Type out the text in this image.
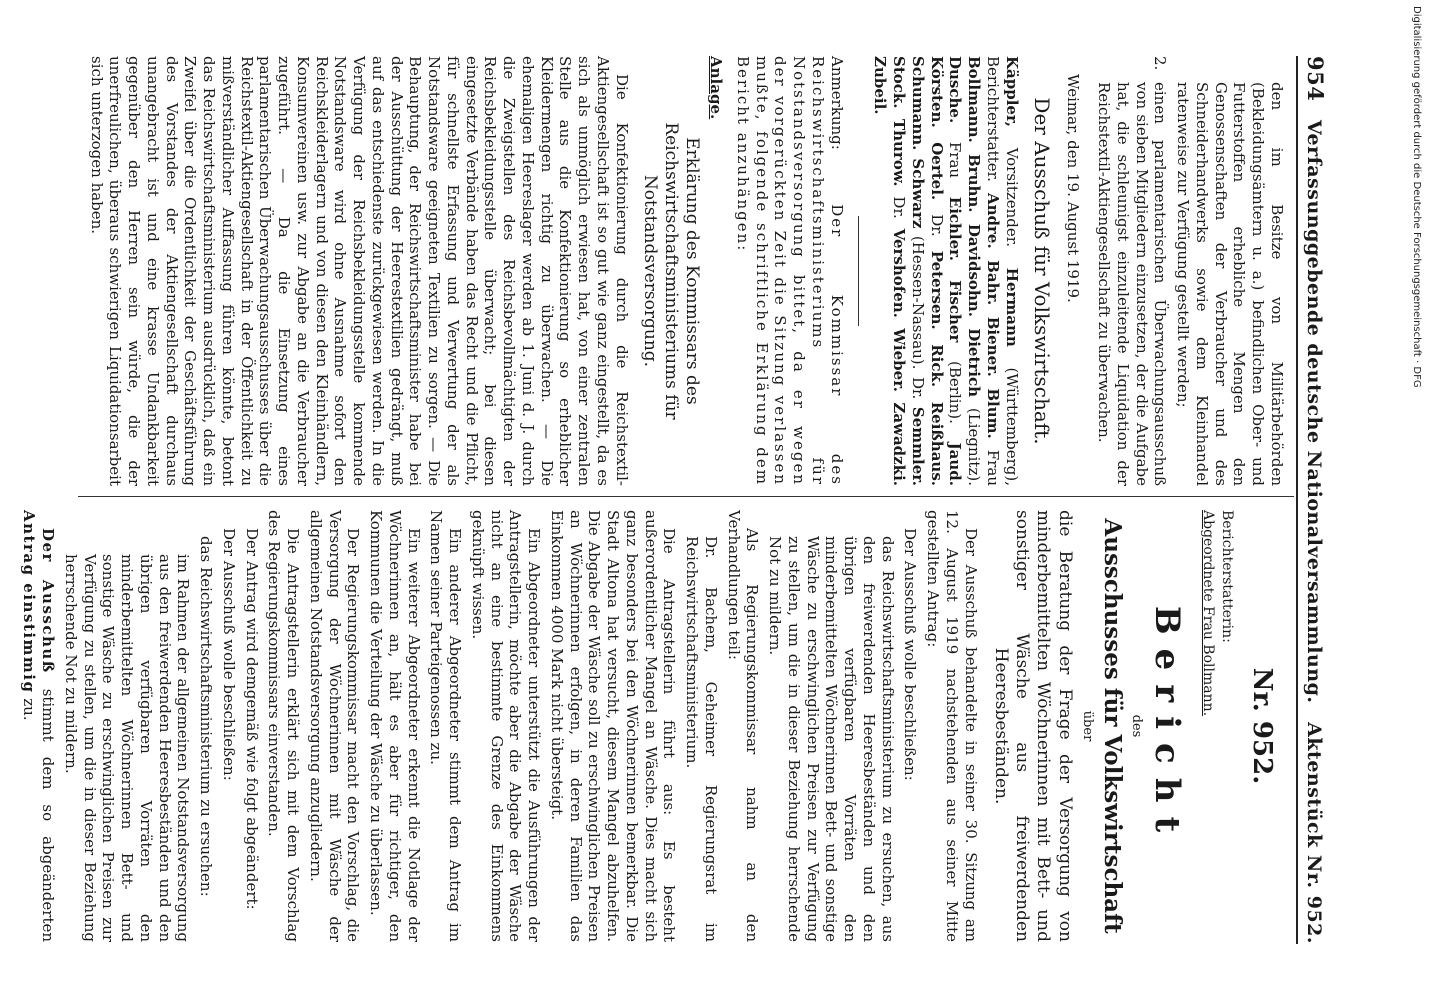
954
Verfassunggebende deutsche Nationalversammlung.
Aktenstück Nr. 952.

den im Besitze von Militärbehörden (Bekleidungsämtern u. a.) befindlichen Ober- und Futterstoffen erhebliche Mengen den Genossenschaften der Verbraucher und des Schneiderhandwerks sowie dem Kleinhandel ratenweise zur Verfügung gestellt werden;

2.

einen parlamentarischen Überwachungsausschuß von sieben Mitgliedern einzusetzen, der die Aufgabe hat, die schleunigst einzuleitende Liquidation der Reichstextil-Aktiengesellschaft zu überwachen.

Weimar, den 19. August 1919.

Der Ausschuß für Volkswirtschaft.

Käppler, Vorsitzender. Hermann (Württemberg), Berichterstatter. Andre. Bahr. Biener. Blum. Frau Bollmann. Bruhn. Davidsohn. Dietrich (Liegnitz). Dusche. Frau Eichler. Fischer (Berlin). Jaud. Körsten. Oertel. Dr. Petersen. Rick. Reißhaus. Schumann. Schwarz (Hessen-Nassau). Dr. Semmler. Stock. Thurow. Dr. Vershofen. Wieber. Zawadzki. Zubeil.

Anmerkung: Der Kommissar des Reichswirtschaftsministeriums für Notstandsversorgung bittet, da er wegen der vorgerückten Zeit die Sitzung verlassen mußte, folgende schriftliche Erklärung dem Bericht anzuhängen:

Anlage.
Erklärung des Kommissars des Reichswirtschaftsministeriums für Notstandsversorgung.

Die Konfektionierung durch die Reichstextil-Aktiengesellschaft ist so gut wie ganz eingestellt, da es sich als unmöglich erwiesen hat, von einer zentralen Stelle aus die Konfektionierung so erheblicher Kleidermengen richtig zu überwachen. — Die ehemaligen Heereslager werden ab 1. Juni d. J. durch die Zweigstellen des Reichsbevollmächtigten der Reichsbekleidungsstelle überwacht; bei diesen eingesetzte Verbände haben das Recht und die Pflicht, für schnellste Erfassung und Verwertung der als Notstandsware geeigneten Textilien zu sorgen. — Die Behauptung, der Reichswirtschaftsminister habe bei der Ausschüttung der Heerestextilien gedrängt, muß auf das entschiedenste zurückgewiesen werden. In die Verfügung der Reichsbekleidungsstelle kommende Notstandsware wird ohne Ausnahme sofort den Reichskleiderlagern und von diesen den Kleinhändlern, Konsumvereinen usw. zur Abgabe an die Verbraucher zugeführt. — Da die Einsetzung eines parlamentarischen Überwachungsausschusses über die Reichstextil-Aktiengesellschaft in der Öffentlichkeit zu mißverständlicher Auffassung führen könnte, betont das Reichswirtschaftsministerium ausdrücklich, daß ein Zweifel über die Ordentlichkeit der Geschäftsführung des Vorstandes der Aktiengesellschaft durchaus unangebracht ist und eine krasse Undankbarkeit gegenüber den Herren sein würde, die der unerfreulichen, überaus schwierigen Liquidationsarbeit sich unterzogen haben.

Nr. 952.

Berichterstatterin:

Abgeordnete Frau Bollmann.

Bericht
des
Ausschusses für Volkswirtschaft
über
die Beratung der Frage der Versorgung von minderbemittelten Wöchnerinnen mit Bett- und sonstiger Wäsche aus freiwerdenden Heeresbeständen.

Der Ausschuß behandelte in seiner 30. Sitzung am 12. August 1919 nachstehenden aus seiner Mitte gestellten Antrag:

Der Ausschuß wolle beschließen:

das Reichswirtschaftsministerium zu ersuchen, aus den freiwerdenden Heeresbeständen und den übrigen verfügbaren Vorräten den minderbemittelten Wöchnerinnen Bett- und sonstige Wäsche zu erschwinglichen Preisen zur Verfügung zu stellen, um die in dieser Beziehung herrschende Not zu mildern.

Als Regierungskommissar nahm an den Verhandlungen teil:

Dr. Bachem, Geheimer Regierungsrat im Reichswirtschaftsministerium.

Die Antragstellerin führt aus: Es besteht außerordentlicher Mangel an Wäsche. Dies macht sich ganz besonders bei den Wöchnerinnen bemerkbar. Die Stadt Altona hat versucht, diesem Mangel abzuhelfen. Die Abgabe der Wäsche soll zu erschwinglichen Preisen an Wöchnerinnen erfolgen, in deren Familien das Einkommen 4000 Mark nicht übersteigt.

Ein Abgeordneter unterstützt die Ausführungen der Antragstellerin, möchte aber die Abgabe der Wäsche nicht an eine bestimmte Grenze des Einkommens geknüpft wissen.

Ein anderer Abgeordneter stimmt dem Antrag im Namen seiner Parteigenossen zu.

Ein weiterer Abgeordneter erkennt die Notlage der Wöchnerinnen an, hält es aber für richtiger, den Kommunen die Verteilung der Wäsche zu überlassen.

Der Regierungskommissar macht den Vorschlag, die Versorgung der Wöchnerinnen mit Wäsche der allgemeinen Notstandsversorgung anzugliedern.

Die Antragstellerin erklärt sich mit dem Vorschlag des Regierungskommissars einverstanden.

Der Antrag wird demgemäß wie folgt abgeändert:

Der Ausschuß wolle beschließen:

das Reichswirtschaftsministerium zu ersuchen:

im Rahmen der allgemeinen Notstandsversorgung aus den freiwerdenden Heeresbeständen und den übrigen verfügbaren Vorräten den minderbemittelten Wöchnerinnen Bett- und sonstige Wäsche zu erschwinglichen Preisen zur Verfügung zu stellen, um die in dieser Beziehung herrschende Not zu mildern.

Der Ausschuß stimmt dem so abgeänderten Antrag einstimmig zu.

Digitalisierung gefördert durch die Deutsche Forschungsgemeinschaft · DFG
